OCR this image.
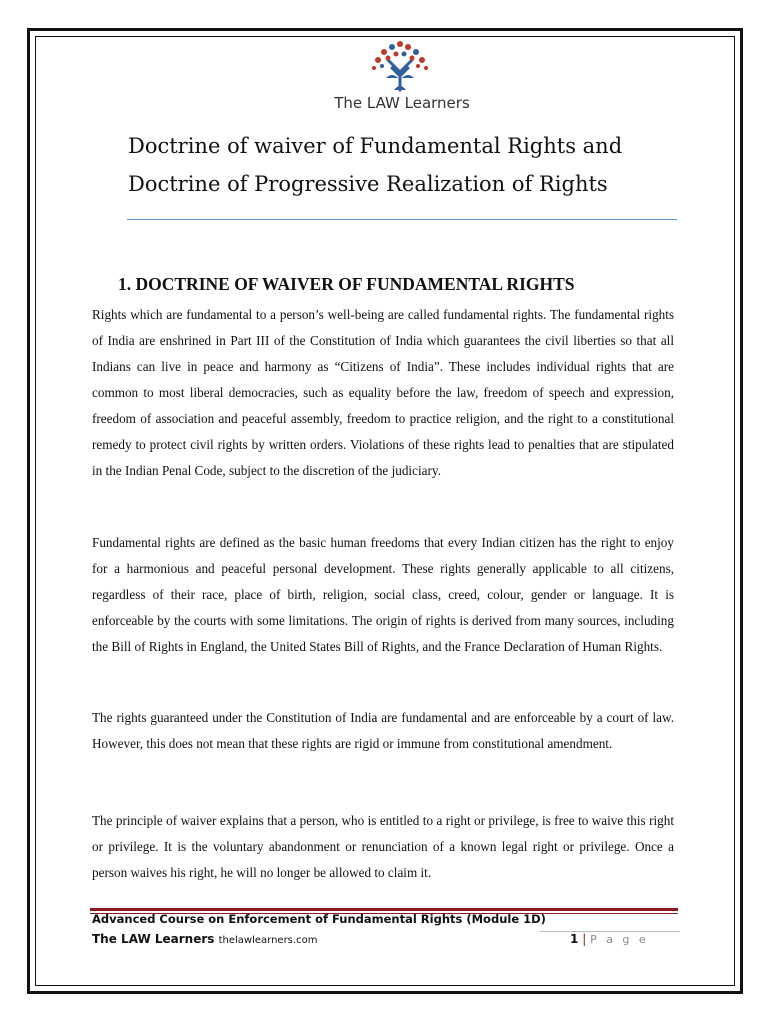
The LAW Learners
Doctrine of waiver of Fundamental Rights and
Doctrine of Progressive Realization of Rights
1. DOCTRINE OF WAIVER OF FUNDAMENTAL RIGHTS

Rights which are fundamental to a person’s well-being are called fundamental rights. The fundamental rights of India are enshrined in Part III of the Constitution of India which guarantees the civil liberties so that all Indians can live in peace and harmony as “Citizens of India”. These includes individual rights that are common to most liberal democracies, such as equality before the law, freedom of speech and expression, freedom of association and peaceful assembly, freedom to practice religion, and the right to a constitutional remedy to protect civil rights by written orders. Violations of these rights lead to penalties that are stipulated in the Indian Penal Code, subject to the discretion of the judiciary.

Fundamental rights are defined as the basic human freedoms that every Indian citizen has the right to enjoy for a harmonious and peaceful personal development. These rights generally applicable to all citizens, regardless of their race, place of birth, religion, social class, creed, colour, gender or language. It is enforceable by the courts with some limitations. The origin of rights is derived from many sources, including the Bill of Rights in England, the United States Bill of Rights, and the France Declaration of Human Rights.

The rights guaranteed under the Constitution of India are fundamental and are enforceable by a court of law. However, this does not mean that these rights are rigid or immune from constitutional amendment.

The principle of waiver explains that a person, who is entitled to a right or privilege, is free to waive this right or privilege. It is the voluntary abandonment or renunciation of a known legal right or privilege. Once a person waives his right, he will no longer be allowed to claim it.

Advanced Course on Enforcement of Fundamental Rights (Module 1D)
The LAW Learners thelawlearners.com	1 | P a g e
